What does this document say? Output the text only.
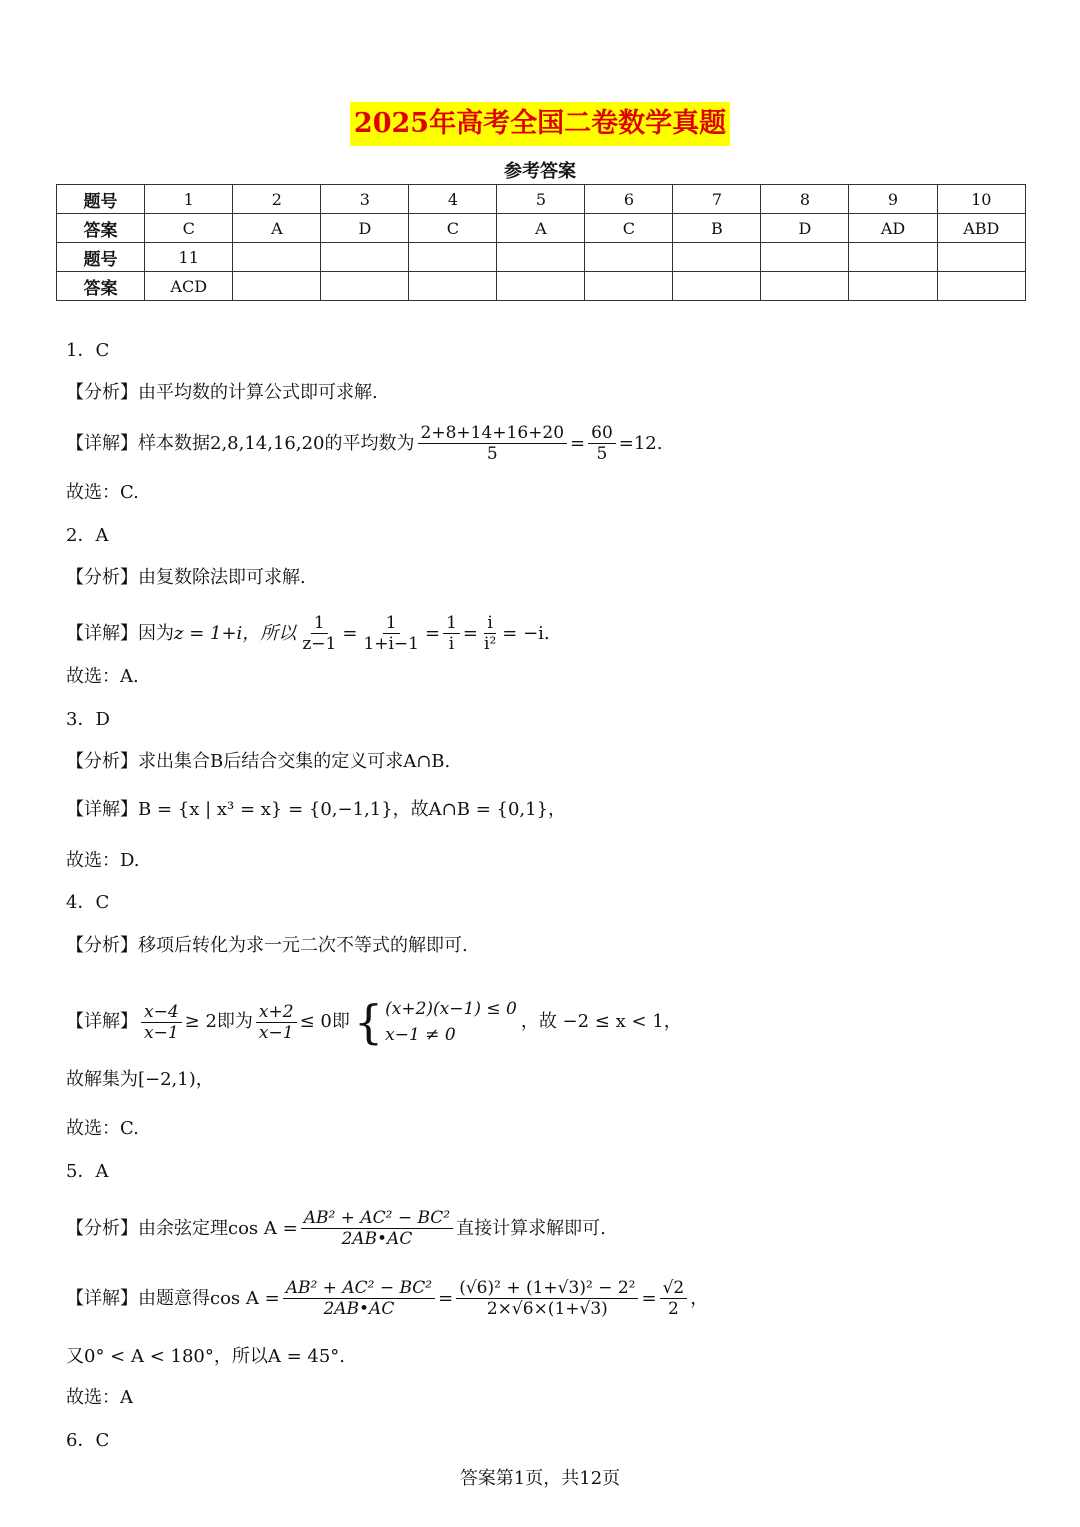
2025年高考全国二卷数学真题
参考答案
题号	1	2	3	4	5	6	7	8	9	10
答案	C	A	D	C	A	C	B	D	AD	ABD
题号	11									
答案	ACD									
1．C
【分析】由平均数的计算公式即可求解.
【详解】样本数据2,8,14,16,20的平均数为 $\frac{2+8+14+16+20}{5} = \frac{60}{5} =12$.
故选：C.
2．A
【分析】由复数除法即可求解.
【详解】因为 z = 1+i，所以 $\frac{1}{z-1} = \frac{1}{1+i-1} = \frac{1}{i} = \frac{i}{\text{i²}} = -i$.
故选：A.
3．D
【分析】求出集合B后结合交集的定义可求A∩B.
【详解】B = {x | x³ = x} = {0,−1,1}，故A∩B = {0,1}，
故选：D.
4．C
【分析】移项后转化为求一元二次不等式的解即可.
【详解】 $\frac{x-4}{x-1} \ge 2$即为 $\frac{x+2}{x-1} \le 0$即 { (x+2)(x−1) ≤ 0
x−1 ≠ 0
，故 −2 ≤ x < 1，
故解集为[−2,1)，
故选：C.
5．A
【分析】由余弦定理$\cos A = \frac{\text{AB² + AC² − BC²}}{2AB•AC}$ 直接计算求解即可.
【详解】由题意得$\cos A = \frac{\text{AB² + AC² − BC²}}{2AB•AC} = \frac{\text{(√6)² + (1+√3)² − 2²}}{2\times√6\times(1+√3)} = \frac{√2}{2}$ ，
又0° < A < 180°，所以A = 45°.
故选：A
6．C
答案第1页，共12页
